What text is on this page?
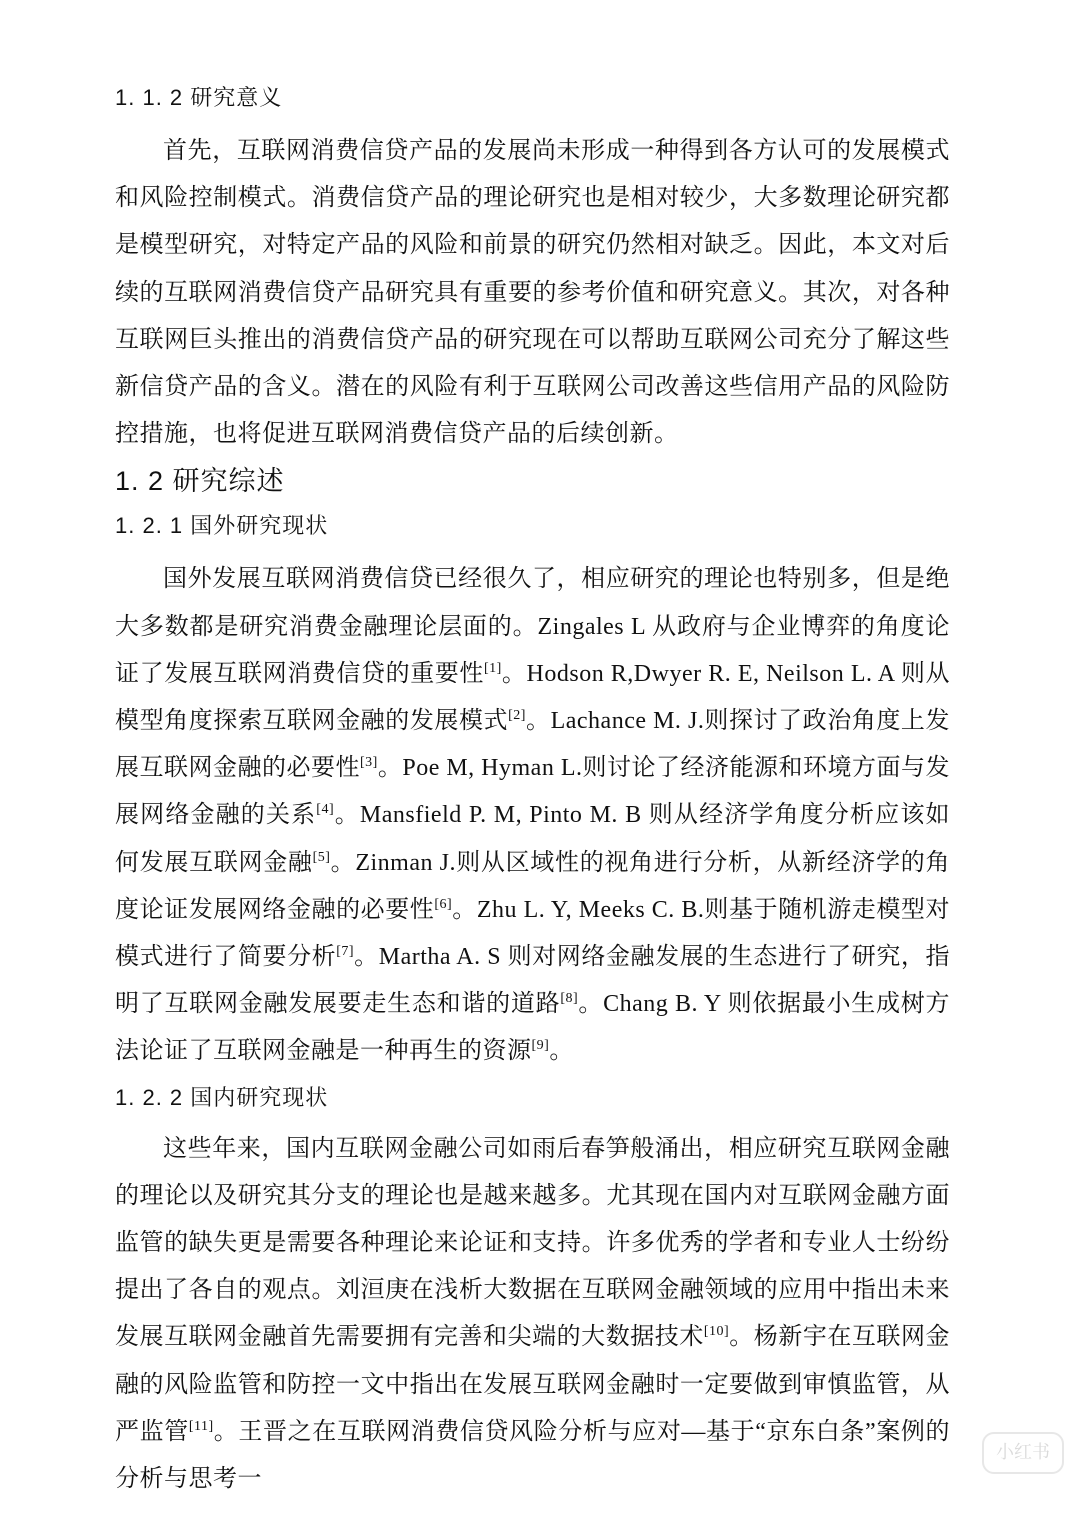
1. 1. 2 研究意义

首先，互联网消费信贷产品的发展尚未形成一种得到各方认可的发展模式和风险控制模式。消费信贷产品的理论研究也是相对较少，大多数理论研究都是模型研究，对特定产品的风险和前景的研究仍然相对缺乏。因此，本文对后续的互联网消费信贷产品研究具有重要的参考价值和研究意义。其次，对各种互联网巨头推出的消费信贷产品的研究现在可以帮助互联网公司充分了解这些新信贷产品的含义。潜在的风险有利于互联网公司改善这些信用产品的风险防控措施，也将促进互联网消费信贷产品的后续创新。

1. 2 研究综述
1. 2. 1 国外研究现状

国外发展互联网消费信贷已经很久了，相应研究的理论也特别多，但是绝大多数都是研究消费金融理论层面的。Zingales L 从政府与企业博弈的角度论证了发展互联网消费信贷的重要性[1]。Hodson R,Dwyer R. E, Neilson L. A 则从模型角度探索互联网金融的发展模式[2]。Lachance M. J.则探讨了政治角度上发展互联网金融的必要性[3]。Poe M, Hyman L.则讨论了经济能源和环境方面与发展网络金融的关系[4]。Mansfield P. M, Pinto M. B 则从经济学角度分析应该如何发展互联网金融[5]。Zinman J.则从区域性的视角进行分析，从新经济学的角度论证发展网络金融的必要性[6]。Zhu L. Y, Meeks C. B.则基于随机游走模型对模式进行了简要分析[7]。Martha A. S 则对网络金融发展的生态进行了研究，指明了互联网金融发展要走生态和谐的道路[8]。Chang B. Y 则依据最小生成树方法论证了互联网金融是一种再生的资源[9]。

1. 2. 2 国内研究现状

这些年来，国内互联网金融公司如雨后春笋般涌出，相应研究互联网金融的理论以及研究其分支的理论也是越来越多。尤其现在国内对互联网金融方面监管的缺失更是需要各种理论来论证和支持。许多优秀的学者和专业人士纷纷提出了各自的观点。刘洹庚在浅析大数据在互联网金融领域的应用中指出未来发展互联网金融首先需要拥有完善和尖端的大数据技术[10]。杨新宇在互联网金融的风险监管和防控一文中指出在发展互联网金融时一定要做到审慎监管，从严监管[11]。王晋之在互联网消费信贷风险分析与应对—基于“京东白条”案例的分析与思考一

小红书
